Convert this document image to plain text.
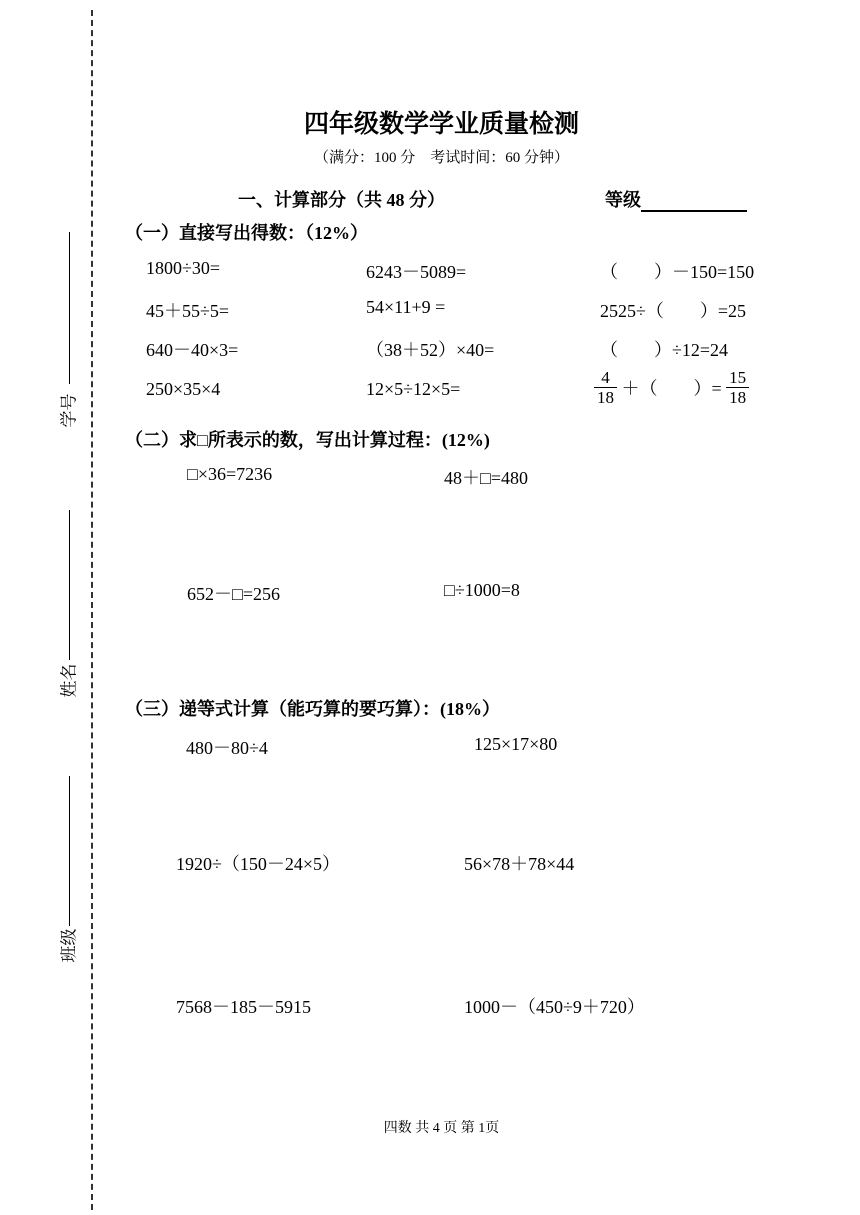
学号
姓名
班级
四年级数学学业质量检测
（满分：100 分　考试时间：60 分钟）
一、计算部分（共 48 分）	等级
（一）直接写出得数：（12%）
1800÷30=	6243－5089=	（　　）－150=150
45＋55÷5=	54×11+9 =	2525÷（　　）=25
640－40×3=	（38＋52）×40=	（　　）÷12=24
250×35×4	12×5÷12×5=	$\frac{4}{18}$ ＋（　　）= $\frac{15}{18}$
（二）求□所表示的数，写出计算过程：(12%)
□×36=7236	48＋□=480
652－□=256	□÷1000=8
（三）递等式计算（能巧算的要巧算）：(18%）
480－80÷4	125×17×80
1920÷（150－24×5）	56×78＋78×44
7568－185－5915	1000－（450÷9＋720）
四数 共 4 页 第 1页
